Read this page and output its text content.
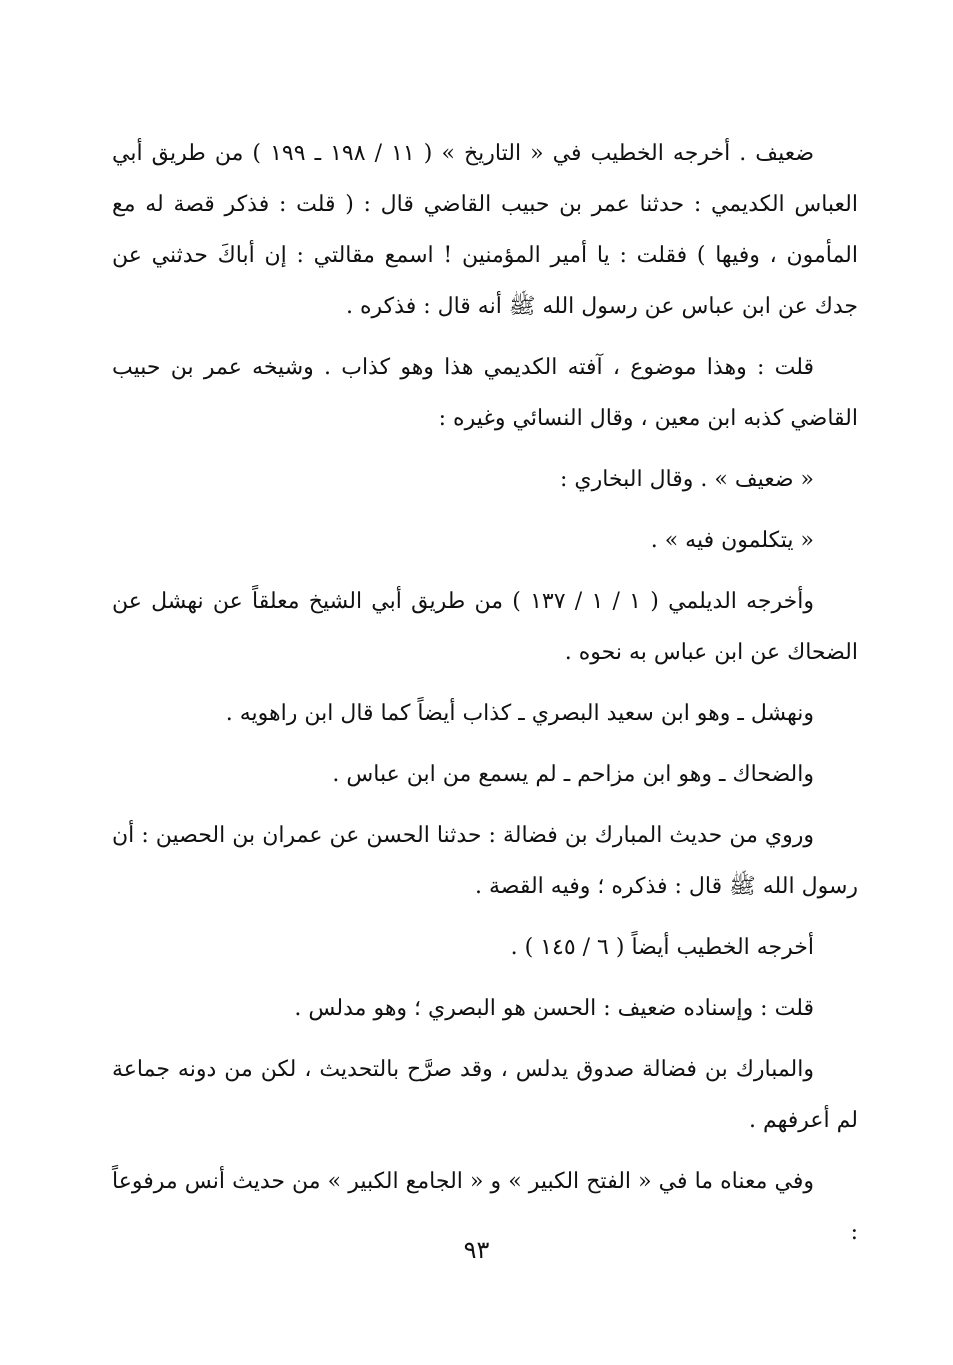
ضعيف . أخرجه الخطيب في « التاريخ » ( ١١ / ١٩٨ ـ ١٩٩ ) من طريق أبي العباس الكديمي : حدثنا عمر بن حبيب القاضي قال : ( قلت : فذكر قصة له مع المأمون ، وفيها ) فقلت : يا أمير المؤمنين ! اسمع مقالتي : إن أباكَ حدثني عن جدك عن ابن عباس عن رسول الله ﷺ أنه قال : فذكره .

قلت : وهذا موضوع ، آفته الكديمي هذا وهو كذاب . وشيخه عمر بن حبيب القاضي كذبه ابن معين ، وقال النسائي وغيره :

« ضعيف » . وقال البخاري :

« يتكلمون فيه » .

وأخرجه الديلمي ( ١ / ١ / ١٣٧ ) من طريق أبي الشيخ معلقاً عن نهشل عن الضحاك عن ابن عباس به نحوه .

ونهشل ـ وهو ابن سعيد البصري ـ كذاب أيضاً كما قال ابن راهويه .

والضحاك ـ وهو ابن مزاحم ـ لم يسمع من ابن عباس .

وروي من حديث المبارك بن فضالة : حدثنا الحسن عن عمران بن الحصين : أن رسول الله ﷺ قال : فذكره ؛ وفيه القصة .

أخرجه الخطيب أيضاً ( ٦ / ١٤٥ ) .

قلت : وإسناده ضعيف : الحسن هو البصري ؛ وهو مدلس .

والمبارك بن فضالة صدوق يدلس ، وقد صرَّح بالتحديث ، لكن من دونه جماعة لم أعرفهم .

وفي معناه ما في « الفتح الكبير » و « الجامع الكبير » من حديث أنس مرفوعاً :

٩٣
